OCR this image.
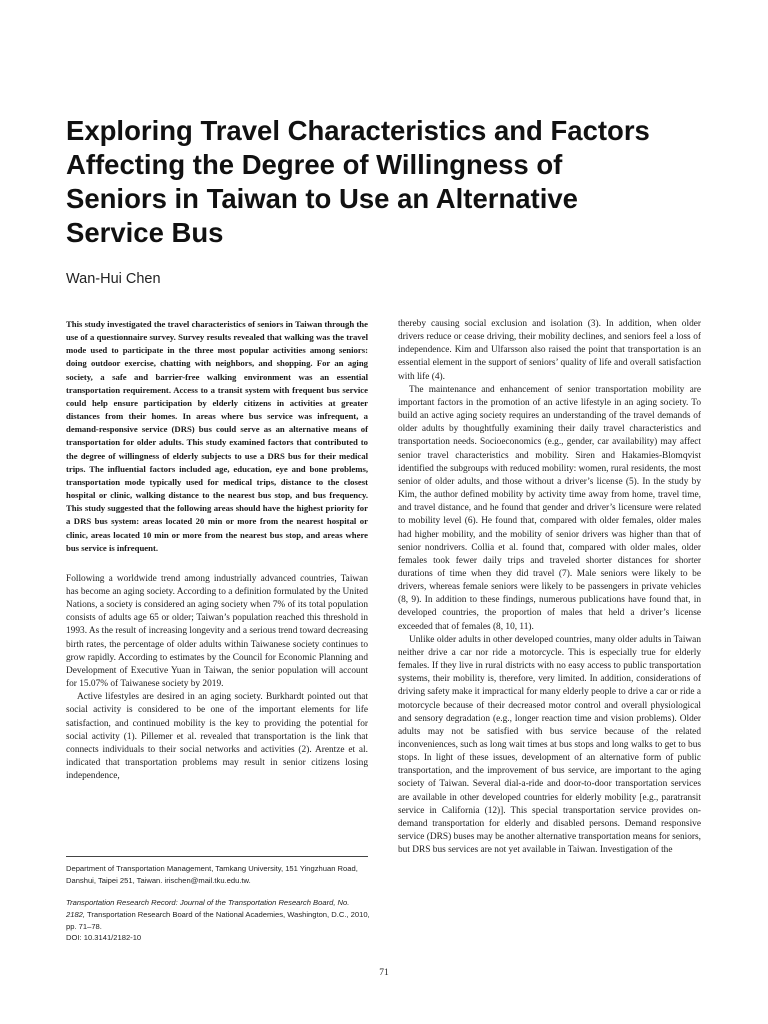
Exploring Travel Characteristics and Factors Affecting the Degree of Willingness of Seniors in Taiwan to Use an Alternative Service Bus

Wan-Hui Chen

This study investigated the travel characteristics of seniors in Taiwan through the use of a questionnaire survey. Survey results revealed that walking was the travel mode used to participate in the three most popular activities among seniors: doing outdoor exercise, chatting with neighbors, and shopping. For an aging society, a safe and barrier-free walking environment was an essential transportation requirement. Access to a transit system with frequent bus service could help ensure participation by elderly citizens in activities at greater distances from their homes. In areas where bus service was infrequent, a demand-responsive service (DRS) bus could serve as an alternative means of transportation for older adults. This study examined factors that contributed to the degree of willingness of elderly subjects to use a DRS bus for their medical trips. The influential factors included age, education, eye and bone problems, transportation mode typically used for medical trips, distance to the closest hospital or clinic, walking distance to the nearest bus stop, and bus frequency. This study suggested that the following areas should have the highest priority for a DRS bus system: areas located 20 min or more from the nearest hospital or clinic, areas located 10 min or more from the nearest bus stop, and areas where bus service is infrequent.

Following a worldwide trend among industrially advanced countries, Taiwan has become an aging society. According to a definition formulated by the United Nations, a society is considered an aging society when 7% of its total population consists of adults age 65 or older; Taiwan’s population reached this threshold in 1993. As the result of increasing longevity and a serious trend toward decreasing birth rates, the percentage of older adults within Taiwanese society continues to grow rapidly. According to estimates by the Council for Economic Planning and Development of Executive Yuan in Taiwan, the senior population will account for 15.07% of Taiwanese society by 2019.

Active lifestyles are desired in an aging society. Burkhardt pointed out that social activity is considered to be one of the important elements for life satisfaction, and continued mobility is the key to providing the potential for social activity (1). Pillemer et al. revealed that transportation is the link that connects individuals to their social networks and activities (2). Arentze et al. indicated that transportation problems may result in senior citizens losing independence,

thereby causing social exclusion and isolation (3). In addition, when older drivers reduce or cease driving, their mobility declines, and seniors feel a loss of independence. Kim and Ulfarsson also raised the point that transportation is an essential element in the support of seniors’ quality of life and overall satisfaction with life (4).

The maintenance and enhancement of senior transportation mobility are important factors in the promotion of an active lifestyle in an aging society. To build an active aging society requires an understanding of the travel demands of older adults by thoughtfully examining their daily travel characteristics and transportation needs. Socioeconomics (e.g., gender, car availability) may affect senior travel characteristics and mobility. Siren and Hakamies-Blomqvist identified the subgroups with reduced mobility: women, rural residents, the most senior of older adults, and those without a driver’s license (5). In the study by Kim, the author defined mobility by activity time away from home, travel time, and travel distance, and he found that gender and driver’s licensure were related to mobility level (6). He found that, compared with older females, older males had higher mobility, and the mobility of senior drivers was higher than that of senior nondrivers. Collia et al. found that, compared with older males, older females took fewer daily trips and traveled shorter distances for shorter durations of time when they did travel (7). Male seniors were likely to be drivers, whereas female seniors were likely to be passengers in private vehicles (8, 9). In addition to these findings, numerous publications have found that, in developed countries, the proportion of males that held a driver’s license exceeded that of females (8, 10, 11).

Unlike older adults in other developed countries, many older adults in Taiwan neither drive a car nor ride a motorcycle. This is especially true for elderly females. If they live in rural districts with no easy access to public transportation systems, their mobility is, therefore, very limited. In addition, considerations of driving safety make it impractical for many elderly people to drive a car or ride a motorcycle because of their decreased motor control and overall physiological and sensory degradation (e.g., longer reaction time and vision problems). Older adults may not be satisfied with bus service because of the related inconveniences, such as long wait times at bus stops and long walks to get to bus stops. In light of these issues, development of an alternative form of public transportation, and the improvement of bus service, are important to the aging society of Taiwan. Several dial-a-ride and door-to-door transportation services are available in other developed countries for elderly mobility [e.g., paratransit service in California (12)]. This special transportation service provides on-demand transportation for elderly and disabled persons. Demand responsive service (DRS) buses may be another alternative transportation means for seniors, but DRS bus services are not yet available in Taiwan. Investigation of the

Department of Transportation Management, Tamkang University, 151 Yingzhuan Road, Danshui, Taipei 251, Taiwan. irischen@mail.tku.edu.tw.

Transportation Research Record: Journal of the Transportation Research Board, No. 2182, Transportation Research Board of the National Academies, Washington, D.C., 2010, pp. 71–78.
DOI: 10.3141/2182-10

71
